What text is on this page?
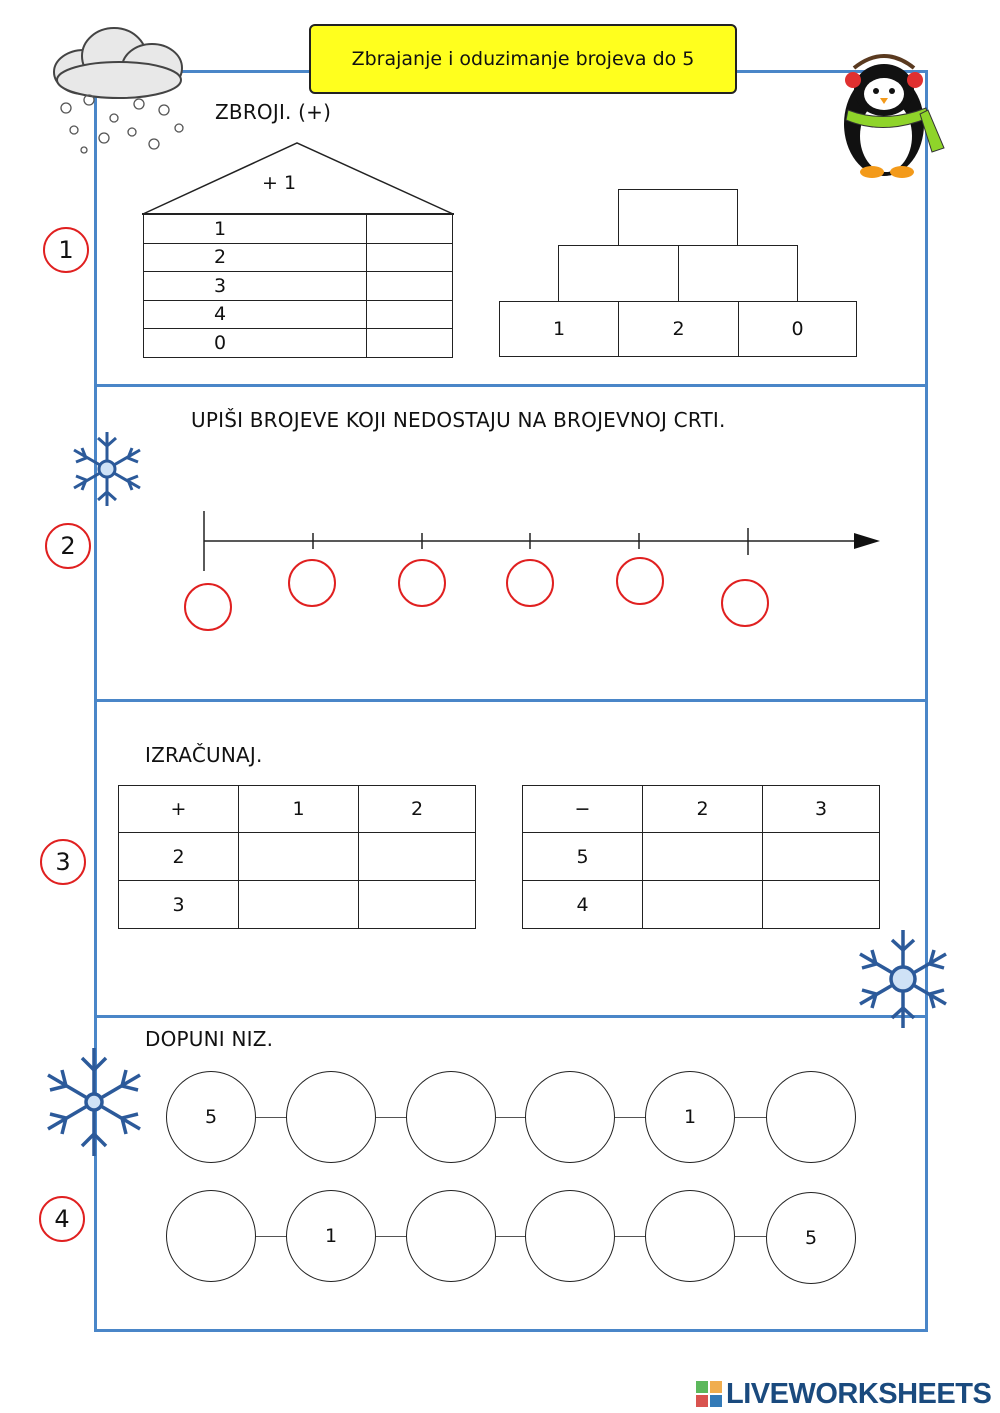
Zbrajanje i oduzimanje brojeva do 5
1
2
3
4
ZBROJI. (+)
+ 1
1	
2	
3	
4	
0	
1	2	0
UPIŠI BROJEVE KOJI NEDOSTAJU NA BROJEVNOJ CRTI.
IZRAČUNAJ.
+	1	2
2		
3		
−	2	3
5		
4		
DOPUNI NIZ.
5	1
1	5
LIVEWORKSHEETS
